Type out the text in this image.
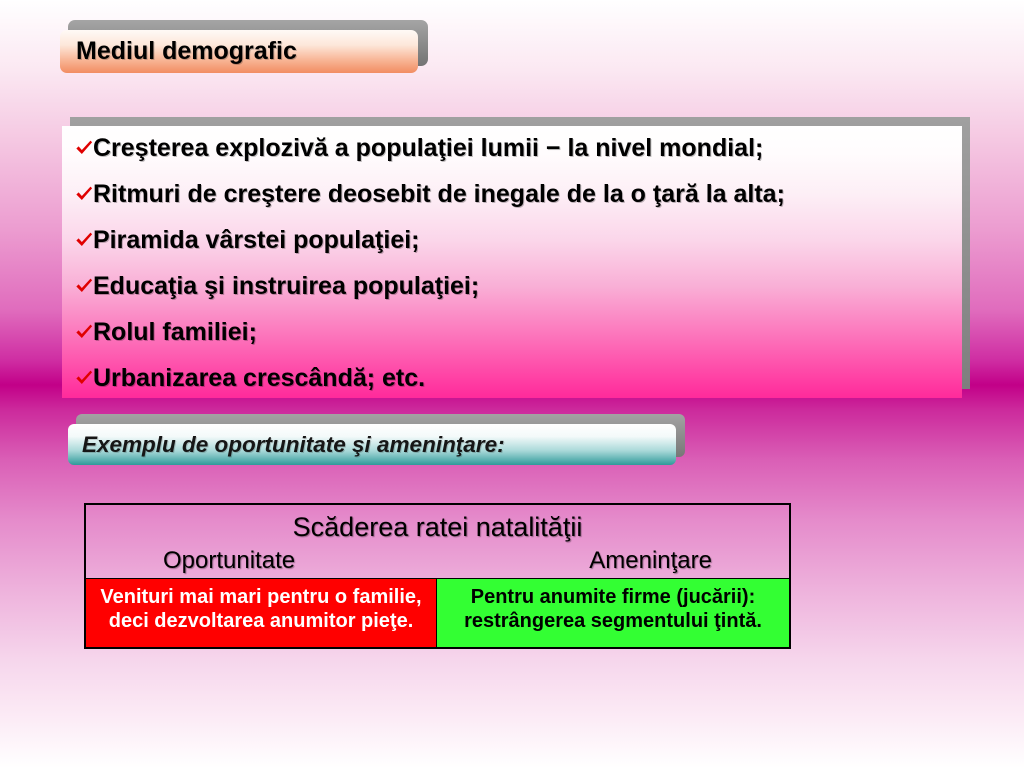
Mediul demografic
Creşterea explozivă a populaţiei lumii − la nivel mondial;
Ritmuri de creştere deosebit de inegale de la o ţară la alta;
Piramida vârstei populaţiei;
Educaţia şi instruirea populaţiei;
Rolul familiei;
Urbanizarea crescândă; etc.
Exemplu de oportunitate şi ameninţare:
Scăderea ratei natalităţii
Oportunitate	Ameninţare
Venituri mai mari pentru o familie,
deci dezvoltarea anumitor pieţe.
Pentru anumite firme (jucării):
restrângerea segmentului ţintă.
